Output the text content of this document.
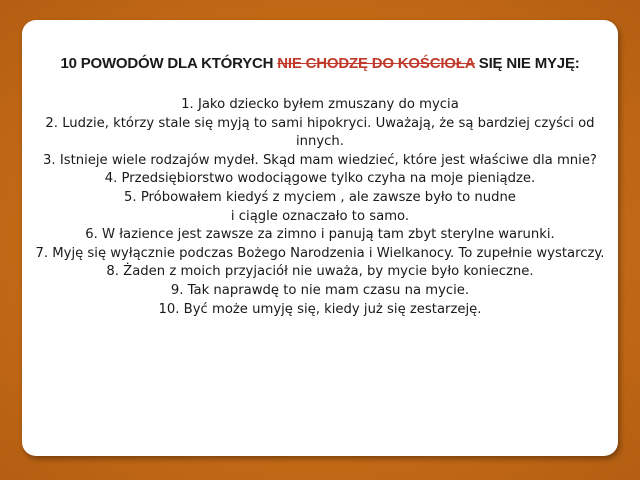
10 POWODÓW DLA KTÓRYCH NIE CHODZĘ DO KOŚCIOŁA SIĘ NIE MYJĘ:
1. Jako dziecko byłem zmuszany do mycia
2. Ludzie, którzy stale się myją to sami hipokryci. Uważają, że są bardziej czyści od innych.
3. Istnieje wiele rodzajów mydeł. Skąd mam wiedzieć, które jest właściwe dla mnie?
4. Przedsiębiorstwo wodociągowe tylko czyha na moje pieniądze.
5. Próbowałem kiedyś z myciem , ale zawsze było to nudne
i ciągle oznaczało to samo.
6. W łazience jest zawsze za zimno i panują tam zbyt sterylne warunki.
7. Myję się wyłącznie podczas Bożego Narodzenia i Wielkanocy. To zupełnie wystarczy.
8. Żaden z moich przyjaciół nie uważa, by mycie było konieczne.
9. Tak naprawdę to nie mam czasu na mycie.
10. Być może umyję się, kiedy już się zestarzeję.
